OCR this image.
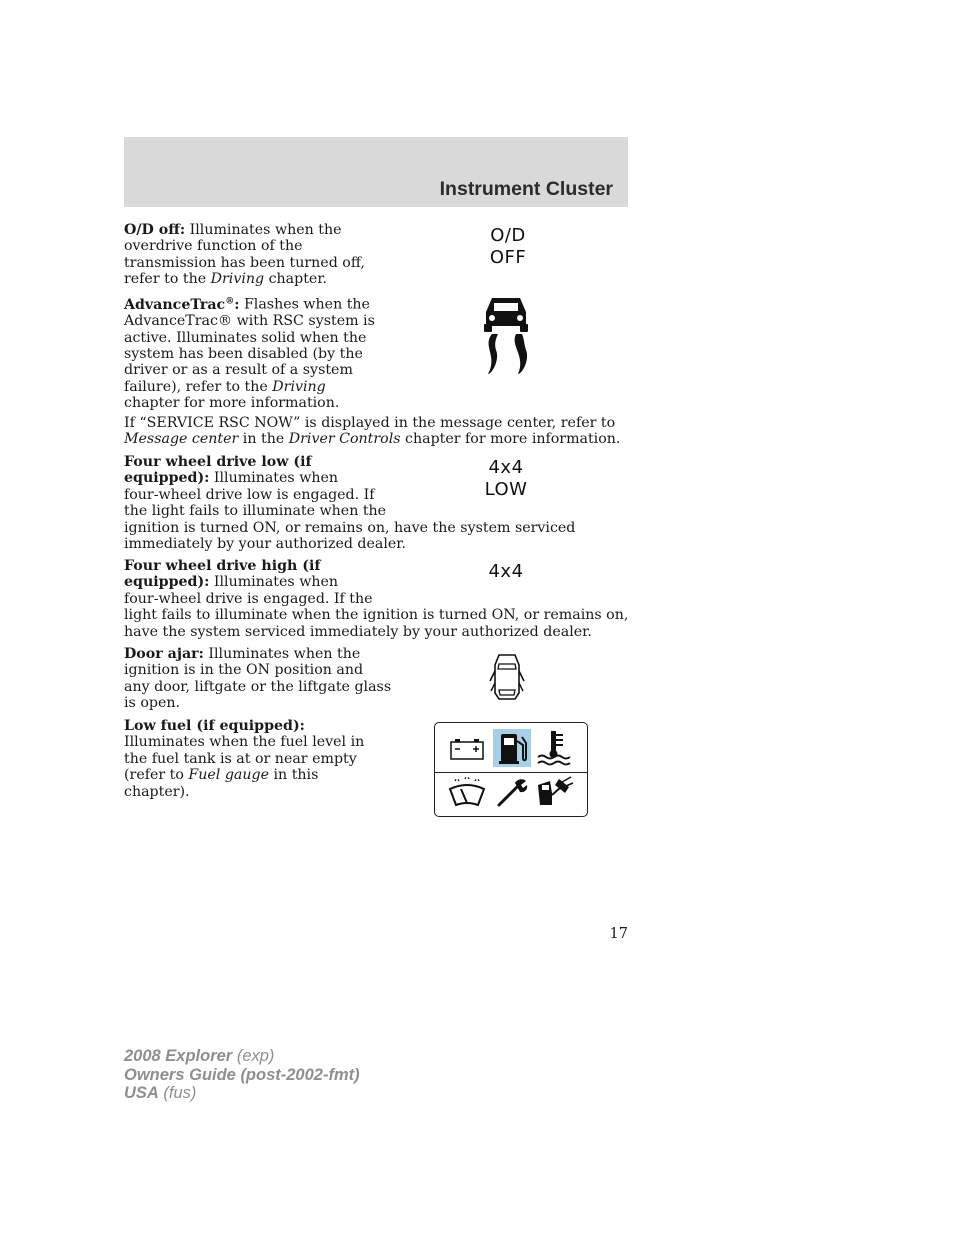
Instrument Cluster
O/D off: Illuminates when the
overdrive function of the
transmission has been turned off,
refer to the Driving chapter.
O/D
OFF
AdvanceTrac®: Flashes when the
AdvanceTrac® with RSC system is
active. Illuminates solid when the
system has been disabled (by the
driver or as a result of a system
failure), refer to the Driving
chapter for more information.
If “SERVICE RSC NOW” is displayed in the message center, refer to
Message center in the Driver Controls chapter for more information.
Four wheel drive low (if
equipped): Illuminates when
four-wheel drive low is engaged. If
the light fails to illuminate when the
ignition is turned ON, or remains on, have the system serviced
immediately by your authorized dealer.
4x4
LOW
Four wheel drive high (if
equipped): Illuminates when
four-wheel drive is engaged. If the
light fails to illuminate when the ignition is turned ON, or remains on,
have the system serviced immediately by your authorized dealer.
4x4
Door ajar: Illuminates when the
ignition is in the ON position and
any door, liftgate or the liftgate glass
is open.
Low fuel (if equipped):
Illuminates when the fuel level in
the fuel tank is at or near empty
(refer to Fuel gauge in this
chapter).
17
2008 Explorer (exp)
Owners Guide (post-2002-fmt)
USA (fus)
